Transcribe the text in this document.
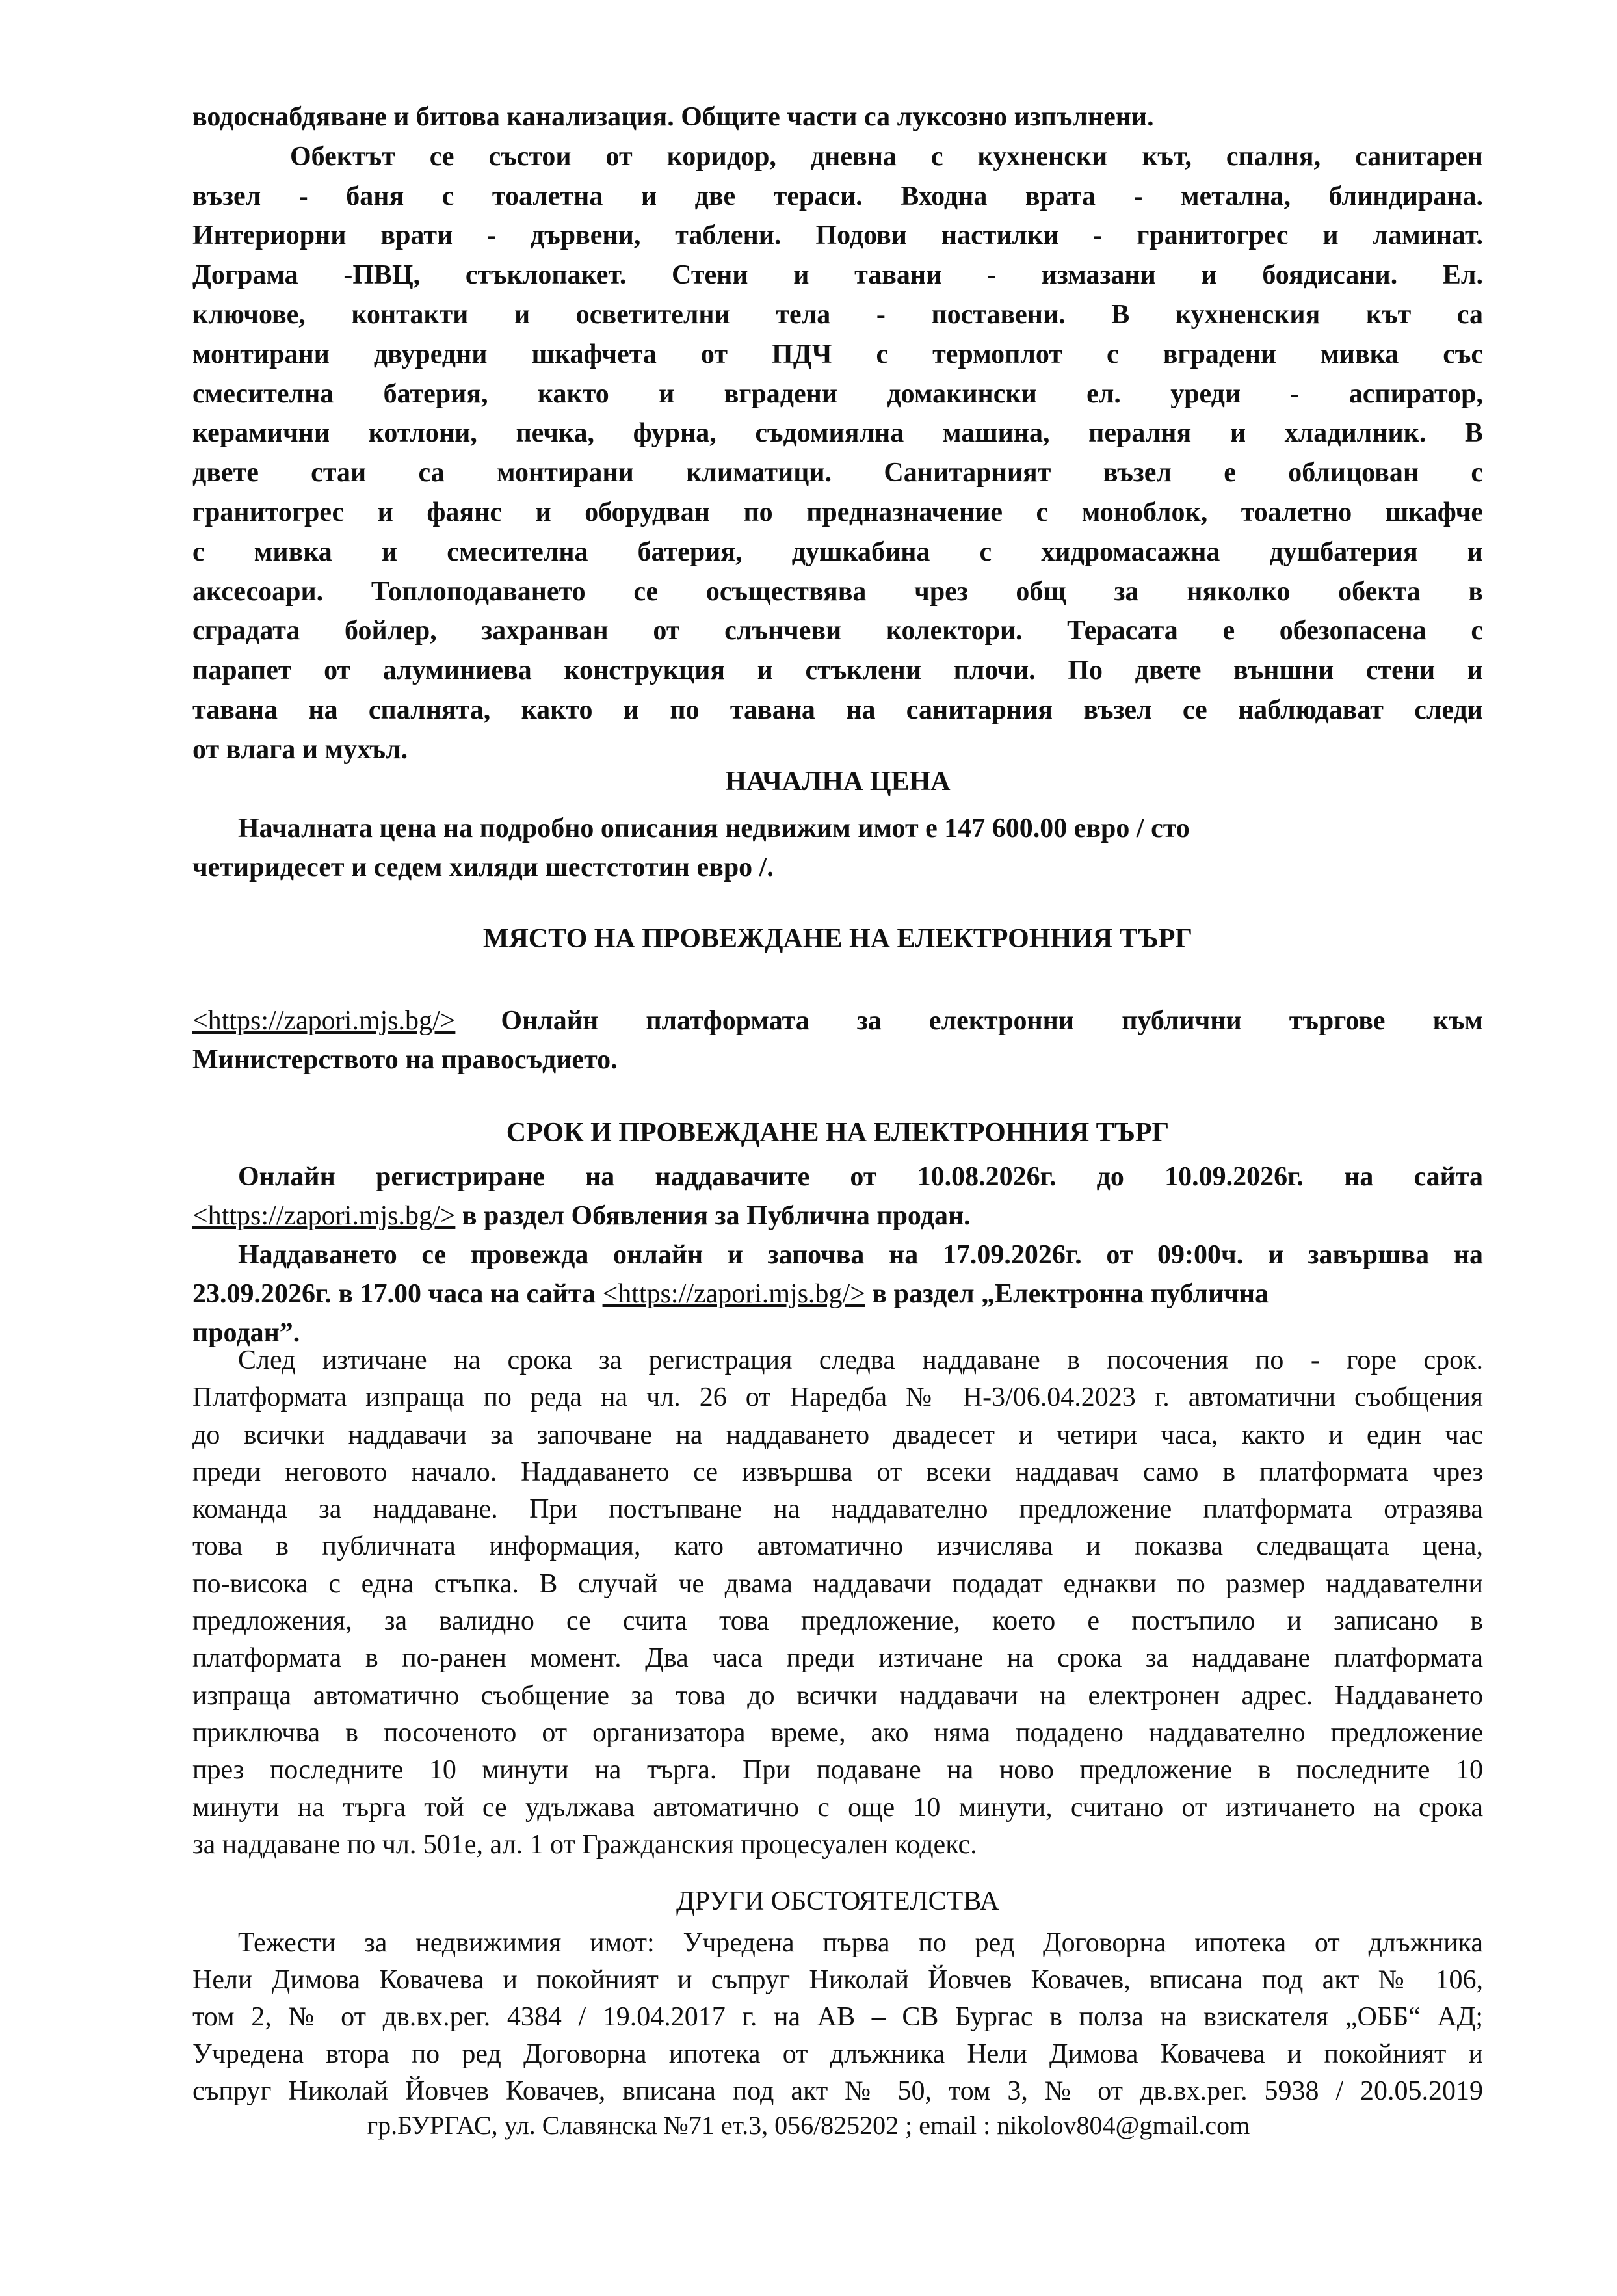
водоснабдяване и битова канализация. Общите части са луксозно изпълнени.
Обектът се състои от коридор, дневна с кухненски кът, спалня, санитарен
възел - баня с тоалетна и две тераси. Входна врата - метална, блиндирана.
Интериорни врати - дървени, таблени. Подови настилки - гранитогрес и ламинат.
Дограма -ПВЦ, стъклопакет. Стени и тавани - измазани и боядисани. Ел.
ключове, контакти и осветителни тела - поставени. В кухненския кът са
монтирани двуредни шкафчета от ПДЧ с термоплот с вградени мивка със
смесителна батерия, както и вградени домакински ел. уреди - аспиратор,
керамични котлони, печка, фурна, съдомиялна машина, пералня и хладилник. В
двете стаи са монтирани климатици. Санитарният възел е облицован с
гранитогрес и фаянс и оборудван по предназначение с моноблок, тоалетно шкафче
с мивка и смесителна батерия, душкабина с хидромасажна душбатерия и
аксесоари. Топлоподаването се осъществява чрез общ за няколко обекта в
сградата бойлер, захранван от слънчеви колектори. Терасата е обезопасена с
парапет от алуминиева конструкция и стъклени плочи. По двете външни стени и
тавана на спалнята, както и по тавана на санитарния възел се наблюдават следи
от влага и мухъл.
НАЧАЛНА ЦЕНА
Началната цена на подробно описания недвижим имот е 147 600.00 евро / сто
четиридесет и седем хиляди шестстотин евро /.
МЯСТО НА ПРОВЕЖДАНЕ НА ЕЛЕКТРОННИЯ ТЪРГ
<https://zapori.mjs.bg/> Онлайн платформата за електронни публични търгове към
Министерството на правосъдието.
СРОК И ПРОВЕЖДАНЕ НА ЕЛЕКТРОННИЯ ТЪРГ
Онлайн регистриране на наддавачите от 10.08.2026г. до 10.09.2026г. на сайта
<https://zapori.mjs.bg/> в раздел Обявления за Публична продан.
Наддаването се провежда онлайн и започва на 17.09.2026г. от 09:00ч. и завършва на
23.09.2026г. в 17.00 часа на сайта <https://zapori.mjs.bg/> в раздел „Електронна публична
продан”.
След изтичане на срока за регистрация следва наддаване в посочения по - горе срок.
Платформата изпраща по реда на чл. 26 от Наредба № Н-3/06.04.2023 г. автоматични съобщения
до всички наддавачи за започване на наддаването двадесет и четири часа, както и един час
преди неговото начало. Наддаването се извършва от всеки наддавач само в платформата чрез
команда за наддаване. При постъпване на наддавателно предложение платформата отразява
това в публичната информация, като автоматично изчислява и показва следващата цена,
по-висока с една стъпка. В случай че двама наддавачи подадат еднакви по размер наддавателни
предложения, за валидно се счита това предложение, което е постъпило и записано в
платформата в по-ранен момент. Два часа преди изтичане на срока за наддаване платформата
изпраща автоматично съобщение за това до всички наддавачи на електронен адрес. Наддаването
приключва в посоченото от организатора време, ако няма подадено наддавателно предложение
през последните 10 минути на търга. При подаване на ново предложение в последните 10
минути на търга той се удължава автоматично с още 10 минути, считано от изтичането на срока
за наддаване по чл. 501е, ал. 1 от Гражданския процесуален кодекс.
ДРУГИ ОБСТОЯТЕЛСТВА
Тежести за недвижимия имот: Учредена първа по ред Договорна ипотека от длъжника
Нели Димова Ковачева и покойният и съпруг Николай Йовчев Ковачев, вписана под акт № 106,
том 2, № от дв.вх.рег. 4384 / 19.04.2017 г. на АВ – СВ Бургас в полза на взискателя „ОББ“ АД;
Учредена втора по ред Договорна ипотека от длъжника Нели Димова Ковачева и покойният и
съпруг Николай Йовчев Ковачев, вписана под акт № 50, том 3, № от дв.вх.рег. 5938 / 20.05.2019
гр.БУРГАС, ул. Славянска №71 ет.3, 056/825202 ; email : nikolov804@gmail.com
